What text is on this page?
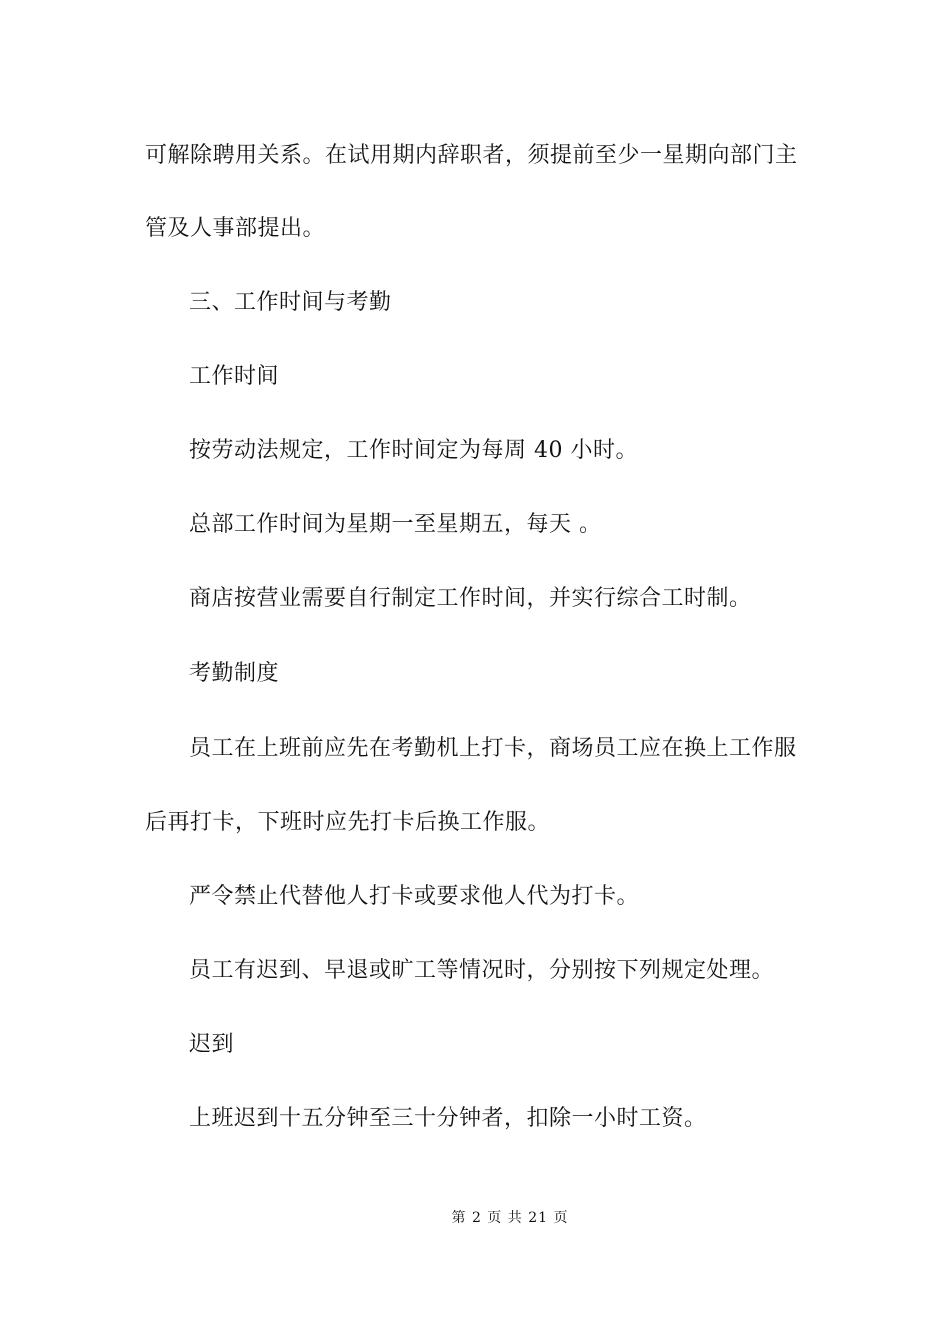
可解除聘用关系。在试用期内辞职者，须提前至少一星期向部门主
管及人事部提出。
三、工作时间与考勤
工作时间
按劳动法规定，工作时间定为每周 40 小时。
总部工作时间为星期一至星期五，每天 。
商店按营业需要自行制定工作时间，并实行综合工时制。
考勤制度
员工在上班前应先在考勤机上打卡，商场员工应在换上工作服
后再打卡，下班时应先打卡后换工作服。
严令禁止代替他人打卡或要求他人代为打卡。
员工有迟到、早退或旷工等情况时，分别按下列规定处理。
迟到
上班迟到十五分钟至三十分钟者，扣除一小时工资。
第 2 页 共 21 页
